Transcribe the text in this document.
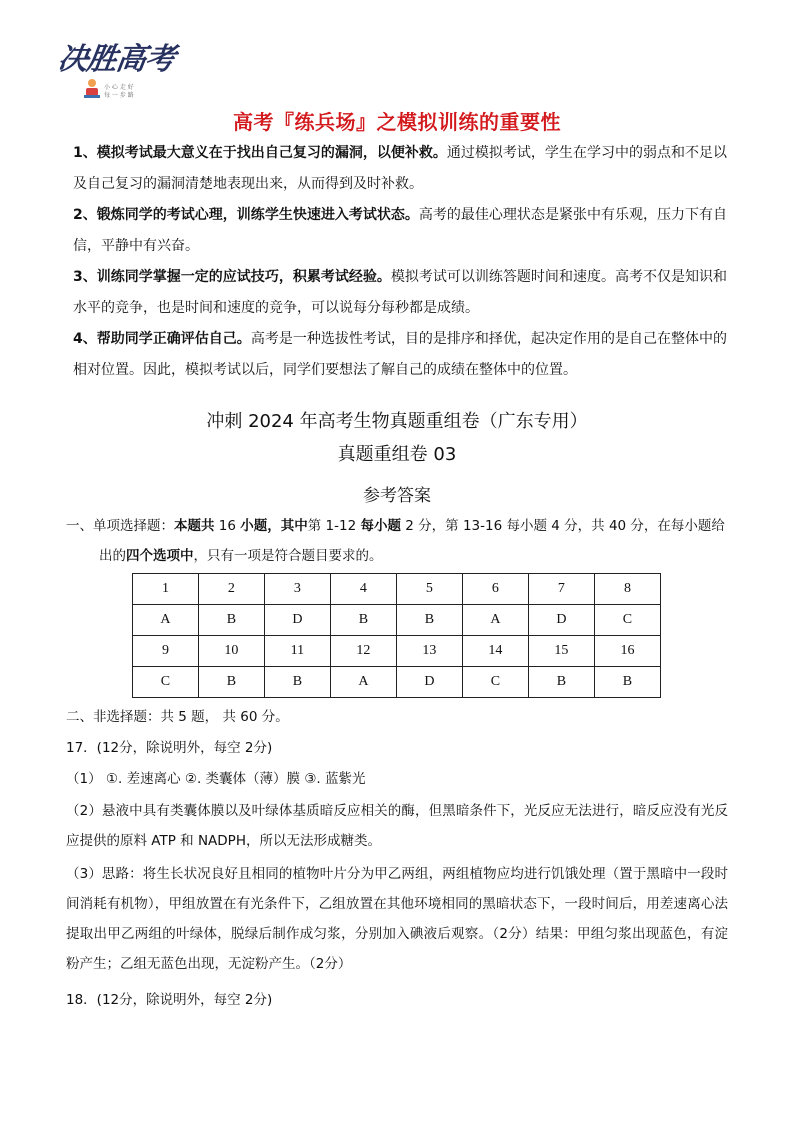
决胜高考
小 心 走 好
每 一 步 路
高考『练兵场』之模拟训练的重要性
1、模拟考试最大意义在于找出自己复习的漏洞，以便补救。通过模拟考试，学生在学习中的弱点和不足以及自己复习的漏洞清楚地表现出来，从而得到及时补救。
2、锻炼同学的考试心理，训练学生快速进入考试状态。高考的最佳心理状态是紧张中有乐观，压力下有自信，平静中有兴奋。
3、训练同学掌握一定的应试技巧，积累考试经验。模拟考试可以训练答题时间和速度。高考不仅是知识和水平的竞争，也是时间和速度的竞争，可以说每分每秒都是成绩。
4、帮助同学正确评估自己。高考是一种选拔性考试，目的是排序和择优，起决定作用的是自己在整体中的相对位置。因此，模拟考试以后，同学们要想法了解自己的成绩在整体中的位置。
冲刺 2024 年高考生物真题重组卷（广东专用）
真题重组卷 03
参考答案
一、单项选择题：本题共 16 小题，其中第 1-12 每小题 2 分，第 13-16 每小题 4 分，共 40 分，在每小题给
出的四个选项中，只有一项是符合题目要求的。
1	2	3	4	5	6	7	8
A	B	D	B	B	A	D	C
9	10	11	12	13	14	15	16
C	B	B	A	D	C	B	B
二、非选择题：共 5 题， 共 60 分。
17．(12分，除说明外，每空 2分)
（1） ①. 差速离心 ②. 类囊体（薄）膜 ③. 蓝紫光
（2）悬液中具有类囊体膜以及叶绿体基质暗反应相关的酶，但黑暗条件下，光反应无法进行，暗反应没有光反应提供的原料 ATP 和 NADPH，所以无法形成糖类。
（3）思路：将生长状况良好且相同的植物叶片分为甲乙两组，两组植物应均进行饥饿处理（置于黑暗中一段时间消耗有机物），甲组放置在有光条件下，乙组放置在其他环境相同的黑暗状态下，一段时间后，用差速离心法提取出甲乙两组的叶绿体，脱绿后制作成匀浆，分别加入碘液后观察。（2分）结果：甲组匀浆出现蓝色，有淀粉产生；乙组无蓝色出现，无淀粉产生。（2分）
18．(12分，除说明外，每空 2分)
